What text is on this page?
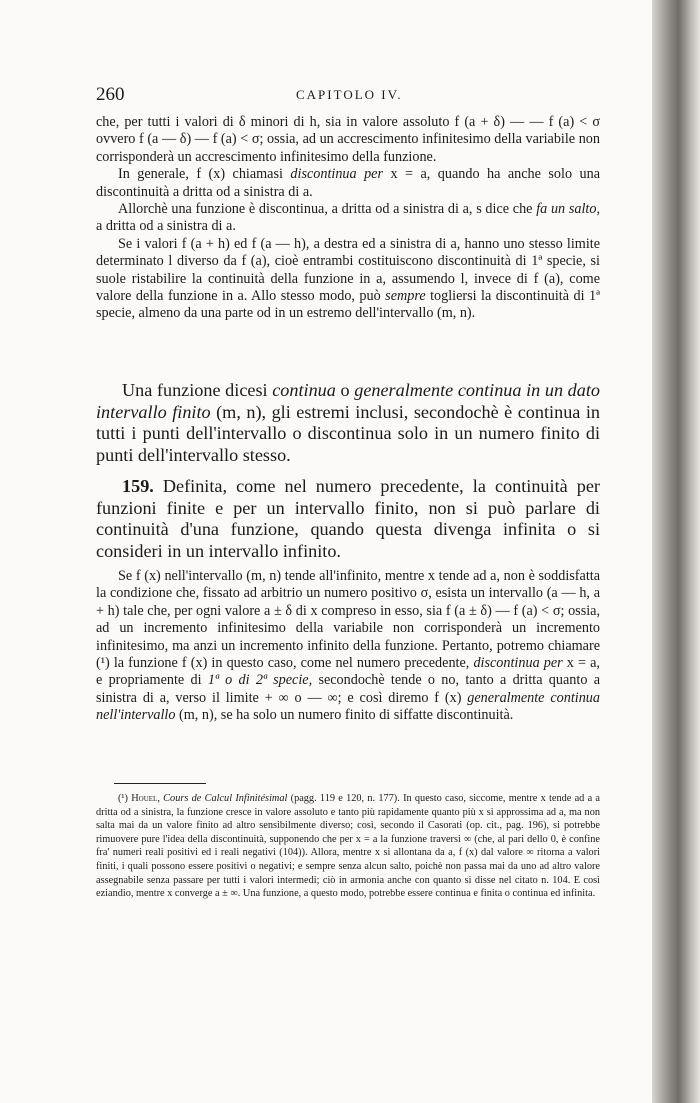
260	CAPITOLO IV.

che, per tutti i valori di δ minori di h, sia in valore assoluto f (a + δ) — — f (a) < σ ovvero f (a — δ) — f (a) < σ; ossia, ad un accrescimento infinitesimo della variabile non corrisponderà un accrescimento infinitesimo della funzione.

In generale, f (x) chiamasi discontinua per x = a, quando ha anche solo una discontinuità a dritta od a sinistra di a.

Allorchè una funzione è discontinua, a dritta od a sinistra di a, s dice che fa un salto, a dritta od a sinistra di a.

Se i valori f (a + h) ed f (a — h), a destra ed a sinistra di a, hanno uno stesso limite determinato l diverso da f (a), cioè entrambi costituiscono discontinuità di 1ª specie, si suole ristabilire la continuità della funzione in a, assumendo l, invece di f (a), come valore della funzione in a. Allo stesso modo, può sempre togliersi la discontinuità di 1ª specie, almeno da una parte od in un estremo dell'intervallo (m, n).

Una funzione dicesi continua o generalmente continua in un dato intervallo finito (m, n), gli estremi inclusi, secondochè è continua in tutti i punti dell'intervallo o discontinua solo in un numero finito di punti dell'intervallo stesso.

159. Definita, come nel numero precedente, la continuità per funzioni finite e per un intervallo finito, non si può parlare di continuità d'una funzione, quando questa divenga infinita o si consideri in un intervallo infinito.

Se f (x) nell'intervallo (m, n) tende all'infinito, mentre x tende ad a, non è soddisfatta la condizione che, fissato ad arbitrio un numero positivo σ, esista un intervallo (a — h, a + h) tale che, per ogni valore a ± δ di x compreso in esso, sia f (a ± δ) — f (a) < σ; ossia, ad un incremento infinitesimo della variabile non corrisponderà un incremento infinitesimo, ma anzi un incremento infinito della funzione. Pertanto, potremo chiamare (¹) la funzione f (x) in questo caso, come nel numero precedente, discontinua per x = a, e propriamente di 1ª o di 2ª specie, secondochè tende o no, tanto a dritta quanto a sinistra di a, verso il limite + ∞ o — ∞; e così diremo f (x) generalmente continua nell'intervallo (m, n), se ha solo un numero finito di siffatte discontinuità.

(¹) Houel, Cours de Calcul Infinitésimal (pagg. 119 e 120, n. 177). In questo caso, siccome, mentre x tende ad a a dritta od a sinistra, la funzione cresce in valore assoluto e tanto più rapidamente quanto più x si approssima ad a, ma non salta mai da un valore finito ad altro sensibilmente diverso; così, secondo il Casorati (op. cit., pag. 196), si potrebbe rimuovere pure l'idea della discontinuità, supponendo che per x = a la funzione traversi ∞ (che, al pari dello 0, è confine fra' numeri reali positivi ed i reali negativi (104)). Allora, mentre x si allontana da a, f (x) dal valore ∞ ritorna a valori finiti, i quali possono essere positivi o negativi; e sempre senza alcun salto, poichè non passa mai da uno ad altro valore assegnabile senza passare per tutti i valori intermedi; ciò in armonia anche con quanto si disse nel citato n. 104. E così eziandio, mentre x converge a ± ∞. Una funzione, a questo modo, potrebbe essere continua e finita o continua ed infinita.
